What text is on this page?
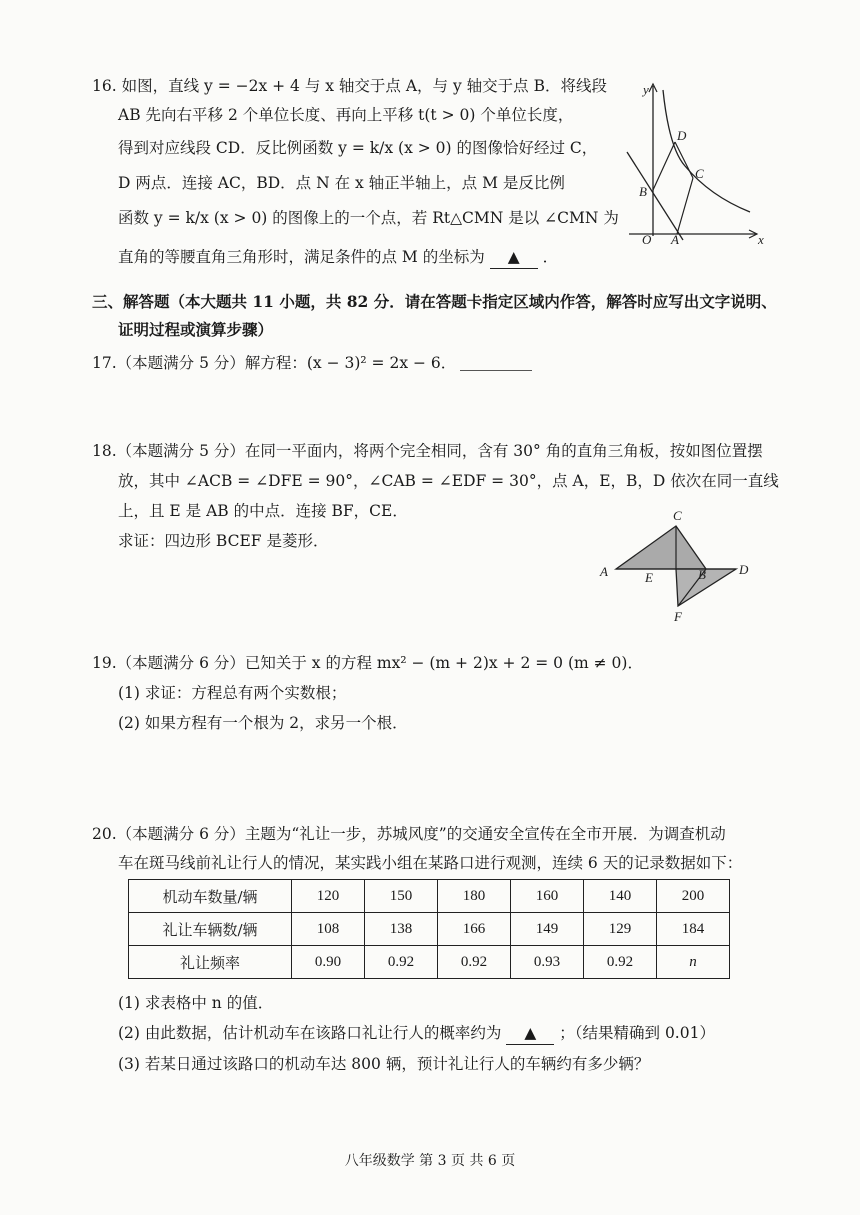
16. 如图，直线 y = −2x + 4 与 x 轴交于点 A，与 y 轴交于点 B．将线段
AB 先向右平移 2 个单位长度、再向上平移 t(t > 0) 个单位长度，
得到对应线段 CD．反比例函数 y = k/x (x > 0) 的图像恰好经过 C，
D 两点．连接 AC，BD．点 N 在 x 轴正半轴上，点 M 是反比例
函数 y = k/x (x > 0) 的图像上的一个点，若 Rt△CMN 是以 ∠CMN 为
直角的等腰直角三角形时，满足条件的点 M 的坐标为 ▲ ．
y
x
O A
B
C
D
三、解答题（本大题共 11 小题，共 82 分．请在答题卡指定区域内作答，解答时应写出文字说明、
证明过程或演算步骤）
17.（本题满分 5 分）解方程：(x − 3)² = 2x − 6．
18.（本题满分 5 分）在同一平面内，将两个完全相同，含有 30° 角的直角三角板，按如图位置摆
放，其中 ∠ACB = ∠DFE = 90°，∠CAB = ∠EDF = 30°，点 A，E，B，D 依次在同一直线
上，且 E 是 AB 的中点．连接 BF，CE．
求证：四边形 BCEF 是菱形．
C
A	E	B	D
F
19.（本题满分 6 分）已知关于 x 的方程 mx² − (m + 2)x + 2 = 0 (m ≠ 0)．
(1) 求证：方程总有两个实数根；
(2) 如果方程有一个根为 2，求另一个根．
20.（本题满分 6 分）主题为“礼让一步，苏城风度”的交通安全宣传在全市开展．为调查机动
车在斑马线前礼让行人的情况，某实践小组在某路口进行观测，连续 6 天的记录数据如下：
机动车数量/辆	120	150	180	160	140	200
礼让车辆数/辆	108	138	166	149	129	184
礼让频率	0.90	0.92	0.92	0.93	0.92	n
(1) 求表格中 n 的值．
(2) 由此数据，估计机动车在该路口礼让行人的概率约为 ▲ ；（结果精确到 0.01）
(3) 若某日通过该路口的机动车达 800 辆，预计礼让行人的车辆约有多少辆？
八年级数学 第 3 页 共 6 页
